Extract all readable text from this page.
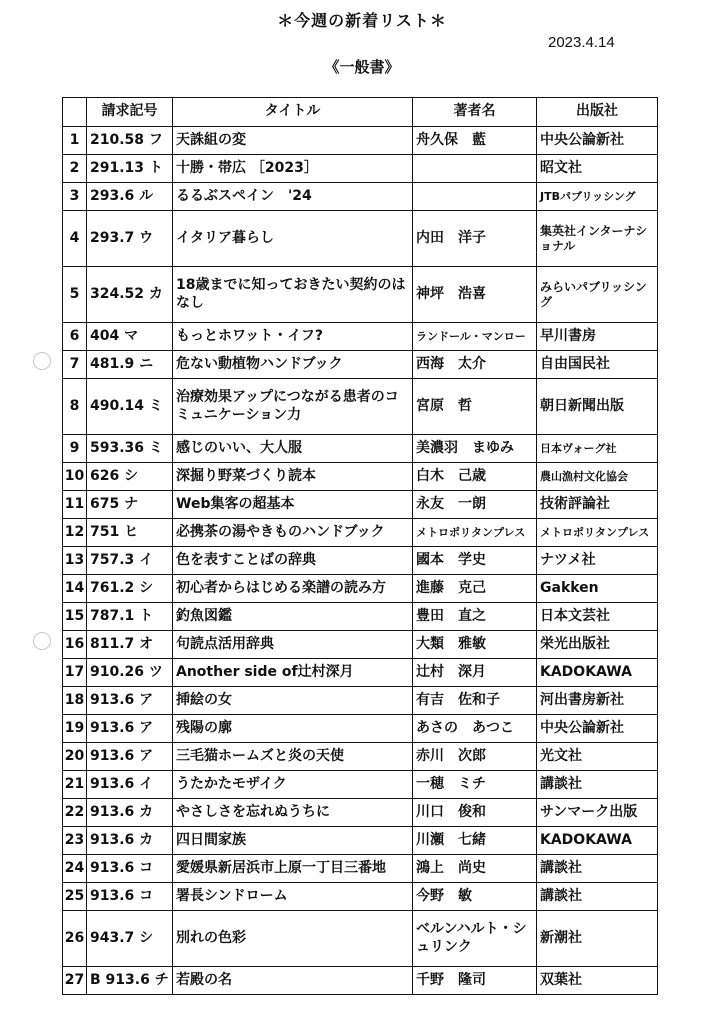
＊今週の新着リスト＊
2023.4.14
《一般書》
	請求記号	タイトル	著者名	出版社
1	210.58 フ	天誅組の変	舟久保　藍	中央公論新社
2	291.13 ト	十勝・帯広 ［2023］		昭文社
3	293.6 ル	るるぶスペイン　'24		JTBパブリッシング
4	293.7 ウ	イタリア暮らし	内田　洋子	集英社インターナショナル
5	324.52 カ	18歳までに知っておきたい契約のはなし	神坪　浩喜	みらいパブリッシング
6	404 マ	もっとホワット・イフ?	ランドール・マンロー	早川書房
7	481.9 ニ	危ない動植物ハンドブック	西海　太介	自由国民社
8	490.14 ミ	治療効果アップにつながる患者のコミュニケーション力	宮原　哲	朝日新聞出版
9	593.36 ミ	感じのいい、大人服	美濃羽　まゆみ	日本ヴォーグ社
10	626 シ	深掘り野菜づくり読本	白木　己歳	農山漁村文化協会
11	675 ナ	Web集客の超基本	永友　一朗	技術評論社
12	751 ヒ	必携茶の湯やきものハンドブック	メトロポリタンプレス	メトロポリタンプレス
13	757.3 イ	色を表すことばの辞典	國本　学史	ナツメ社
14	761.2 シ	初心者からはじめる楽譜の読み方	進藤　克己	Gakken
15	787.1 ト	釣魚図鑑	豊田　直之	日本文芸社
16	811.7 オ	句読点活用辞典	大類　雅敏	栄光出版社
17	910.26 ツ	Another side of辻村深月	辻村　深月	KADOKAWA
18	913.6 ア	挿絵の女	有吉　佐和子	河出書房新社
19	913.6 ア	残陽の廓	あさの　あつこ	中央公論新社
20	913.6 ア	三毛猫ホームズと炎の天使	赤川　次郎	光文社
21	913.6 イ	うたかたモザイク	一穂　ミチ	講談社
22	913.6 カ	やさしさを忘れぬうちに	川口　俊和	サンマーク出版
23	913.6 カ	四日間家族	川瀬　七緒	KADOKAWA
24	913.6 コ	愛媛県新居浜市上原一丁目三番地	鴻上　尚史	講談社
25	913.6 コ	署長シンドローム	今野　敏	講談社
26	943.7 シ	別れの色彩	ベルンハルト・シュリンク	新潮社
27	B 913.6 チ	若殿の名	千野　隆司	双葉社
